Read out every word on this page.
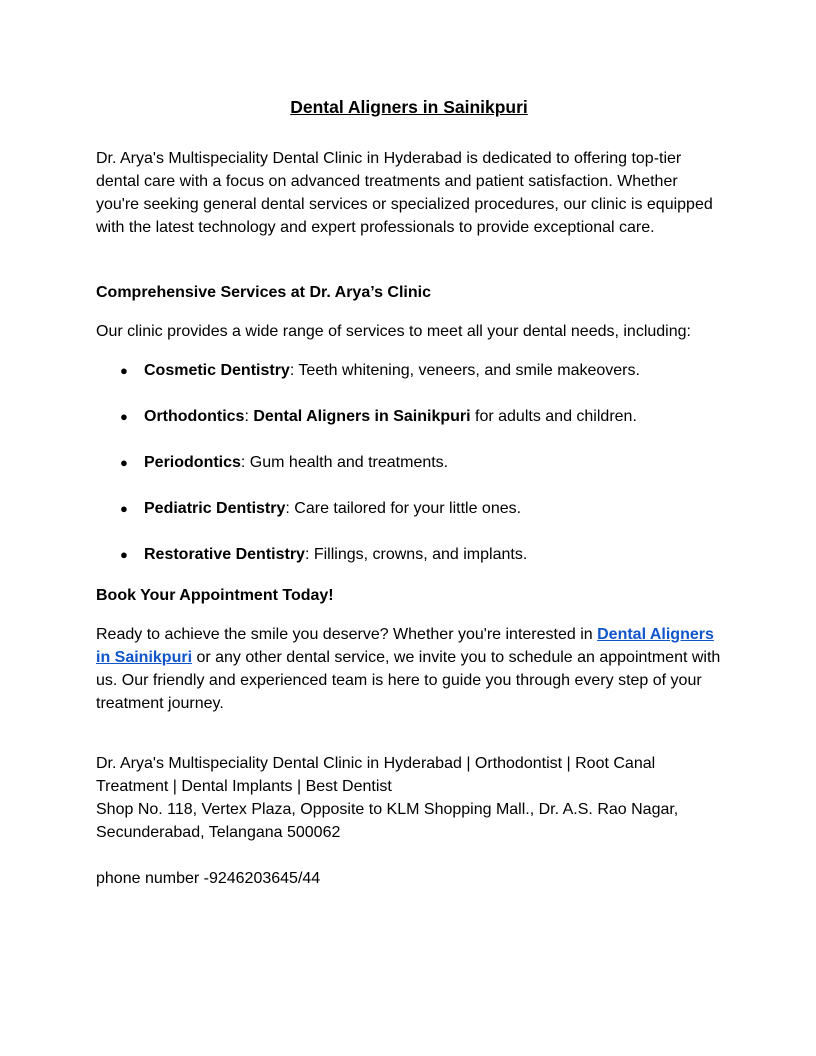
Dental Aligners in Sainikpuri

Dr. Arya's Multispeciality Dental Clinic in Hyderabad is dedicated to offering top-tier dental care with a focus on advanced treatments and patient satisfaction. Whether you're seeking general dental services or specialized procedures, our clinic is equipped with the latest technology and expert professionals to provide exceptional care.

Comprehensive Services at Dr. Arya’s Clinic

Our clinic provides a wide range of services to meet all your dental needs, including:

● Cosmetic Dentistry: Teeth whitening, veneers, and smile makeovers.
● Orthodontics: Dental Aligners in Sainikpuri for adults and children.
● Periodontics: Gum health and treatments.
● Pediatric Dentistry: Care tailored for your little ones.
● Restorative Dentistry: Fillings, crowns, and implants.

Book Your Appointment Today!

Ready to achieve the smile you deserve? Whether you're interested in Dental Aligners in Sainikpuri or any other dental service, we invite you to schedule an appointment with us. Our friendly and experienced team is here to guide you through every step of your treatment journey.

Dr. Arya's Multispeciality Dental Clinic in Hyderabad | Orthodontist | Root Canal Treatment | Dental Implants | Best Dentist
Shop No. 118, Vertex Plaza, Opposite to KLM Shopping Mall., Dr. A.S. Rao Nagar, Secunderabad, Telangana 500062

phone number -9246203645/44
